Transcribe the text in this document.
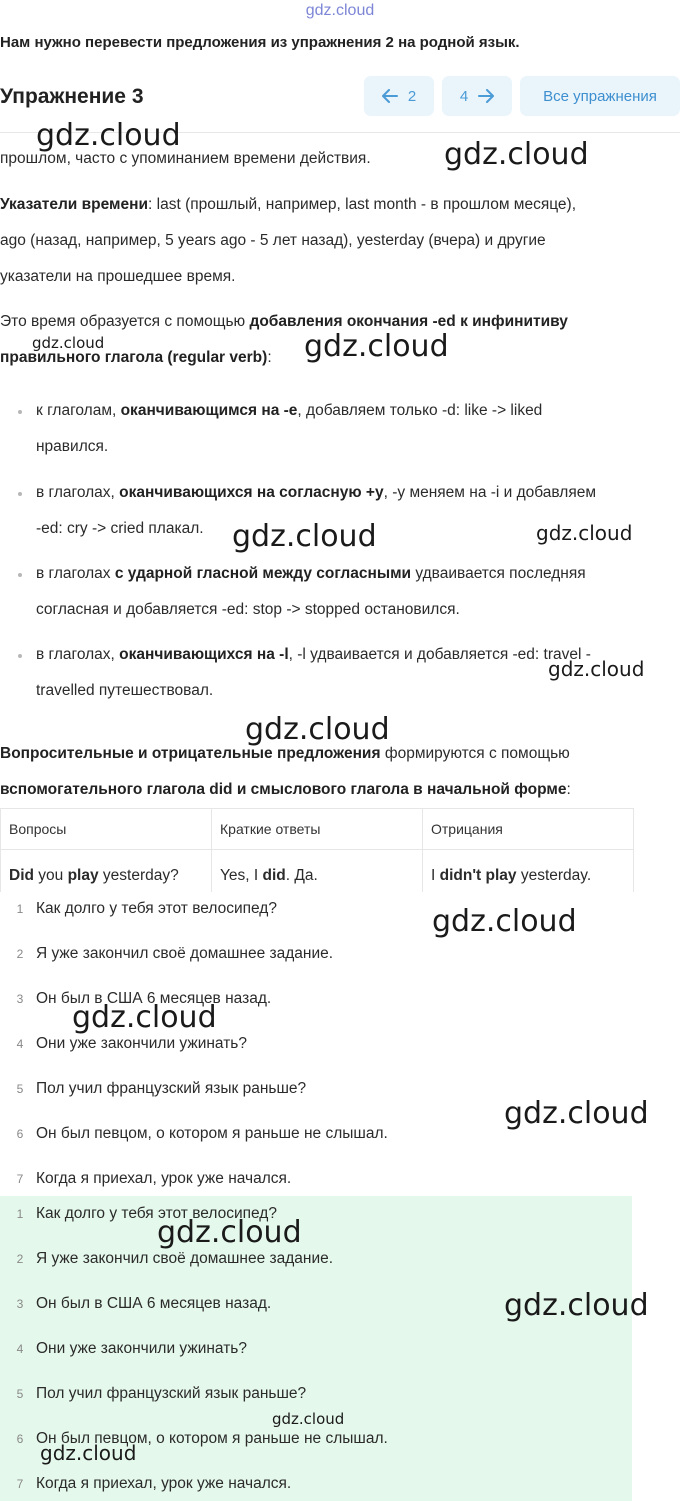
gdz.cloud
Нам нужно перевести предложения из упражнения 2 на родной язык.
Упражнение 3	2	4	Все упражнения
прошлом, часто с упоминанием времени действия.
Указатели времени: last (прошлый, например, last month - в прошлом месяце),
ago (назад, например, 5 years ago - 5 лет назад), yesterday (вчера) и другие
указатели на прошедшее время.
Это время образуется с помощью добавления окончания -ed к инфинитиву
правильного глагола (regular verb):
к глаголам, оканчивающимся на -e, добавляем только -d: like -> liked
нравился.
в глаголах, оканчивающихся на согласную +y, -y меняем на -i и добавляем
-ed: cry -> cried плакал.
в глаголах с ударной гласной между согласными удваивается последняя
согласная и добавляется -ed: stop -> stopped остановился.
в глаголах, оканчивающихся на -l, -l удваивается и добавляется -ed: travel -
travelled путешествовал.
Вопросительные и отрицательные предложения формируются с помощью
вспомогательного глагола did и смыслового глагола в начальной форме:
Вопросы	Краткие ответы	Отрицания
Did you play yesterday?	Yes, I did. Да.	I didn't play yesterday.
1 Как долго у тебя этот велосипед?
2 Я уже закончил своё домашнее задание.
3 Он был в США 6 месяцев назад.
4 Они уже закончили ужинать?
5 Пол учил французский язык раньше?
6 Он был певцом, о котором я раньше не слышал.
7 Когда я приехал, урок уже начался.
1 Как долго у тебя этот велосипед?
2 Я уже закончил своё домашнее задание.
3 Он был в США 6 месяцев назад.
4 Они уже закончили ужинать?
5 Пол учил французский язык раньше?
6 Он был певцом, о котором я раньше не слышал.
7 Когда я приехал, урок уже начался.
gdz.cloud
gdz.cloud
gdz.cloud	gdz.cloud
gdz.cloud	gdz.cloud
gdz.cloud
gdz.cloud
gdz.cloud
gdz.cloud
gdz.cloud
gdz.cloud
gdz.cloud
gdz.cloud
gdz.cloud
